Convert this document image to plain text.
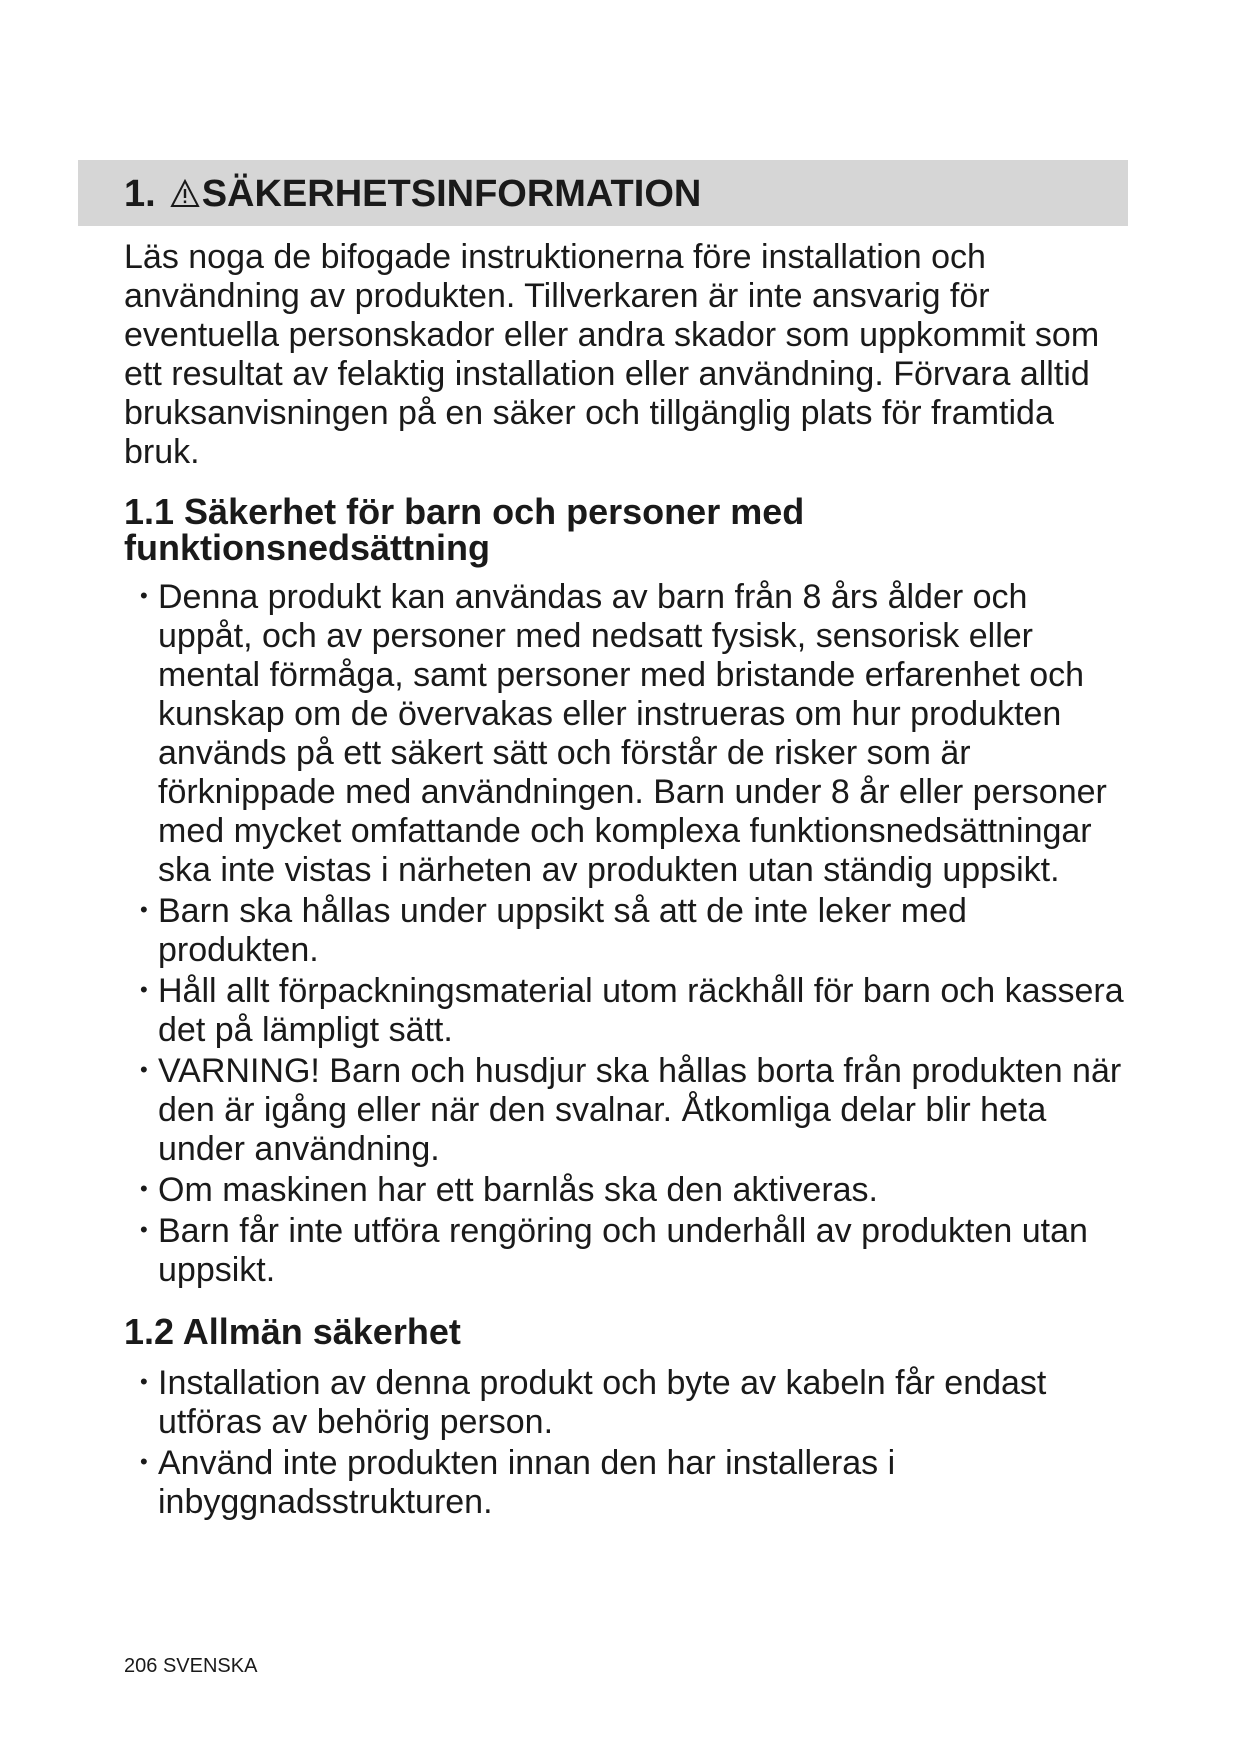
1. SÄKERHETSINFORMATION

Läs noga de bifogade instruktionerna före installation och användning av produkten. Tillverkaren är inte ansvarig för eventuella personskador eller andra skador som uppkommit som ett resultat av felaktig installation eller användning. Förvara alltid bruksanvisningen på en säker och tillgänglig plats för framtida bruk.

1.1 Säkerhet för barn och personer med
funktionsnedsättning
• Denna produkt kan användas av barn från 8 års ålder och uppåt, och av personer med nedsatt fysisk, sensorisk eller mental förmåga, samt personer med bristande erfarenhet och kunskap om de övervakas eller instrueras om hur produkten används på ett säkert sätt och förstår de risker som är förknippade med användningen. Barn under 8 år eller personer med mycket omfattande och komplexa funktionsnedsättningar ska inte vistas i närheten av produkten utan ständig uppsikt.
• Barn ska hållas under uppsikt så att de inte leker med produkten.
• Håll allt förpackningsmaterial utom räckhåll för barn och kassera det på lämpligt sätt.
• VARNING! Barn och husdjur ska hållas borta från produkten när den är igång eller när den svalnar. Åtkomliga delar blir heta under användning.
• Om maskinen har ett barnlås ska den aktiveras.
• Barn får inte utföra rengöring och underhåll av produkten utan uppsikt.
1.2 Allmän säkerhet
• Installation av denna produkt och byte av kabeln får endast utföras av behörig person.
• Använd inte produkten innan den har installeras i inbyggnadsstrukturen.

206 SVENSKA
